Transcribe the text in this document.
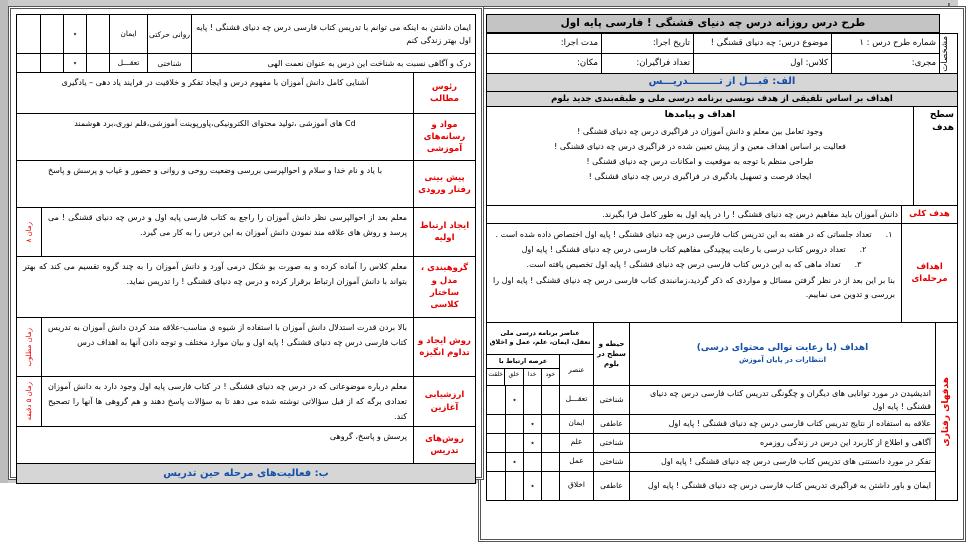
طرح درس روزانه درس چه دنیای قشنگی ! فارسی پایه اول
مشخصات
شماره طرح درس : ۱
موضوع درس: چه دنیای قشنگی !
تاریخ اجرا:
مدت اجرا:
مجری:
کلاس: اول
تعداد فراگیران:
مکان:
الف: قبـــل از تـــــــــدریـــس
اهداف بر اساس تلفیقی از هدف نویسی برنامه درسی ملی و طبقه‌بندی جدید بلوم
سطح هدف
اهداف و پیامدها
وجود تعامل بین معلم و دانش آموزان در فراگیری درس چه دنیای قشنگی !
فعالیت بر اساس اهداف معین و از پیش تعیین شده در فراگیری درس چه دنیای قشنگی !
طراحی منظم با توجه به موقعیت و امکانات درس چه دنیای قشنگی !
ایجاد فرصت و تسهیل یادگیری در فراگیری درس چه دنیای قشنگی !
هدف کلی
دانش آموزان باید مفاهیم درس چه دنیای قشنگی ! را در پایه اول به طور کامل فرا بگیرند.
اهداف مرحله‌ای
۱.تعداد جلساتی که در هفته به این تدریس کتاب فارسی درس چه دنیای قشنگی ! پایه اول اختصاص داده شده است .
۲.تعداد دروس کتاب درسی با رعایت پیچیدگی مفاهیم کتاب فارسی درس چه دنیای قشنگی ! پایه اول
۳.تعداد ماهی که به این درس کتاب فارسی درس چه دنیای قشنگی ! پایه اول تخصیص یافته است.
بنا بر این بعد از در نظر گرفتن مسائل و مواردی که ذکر گردید،زمانبندی کتاب فارسی درس چه دنیای قشنگی ! پایه اول را بررسی و تدوین می نماییم.
هدفهای رفتاری
اهداف (با رعایت توالی محتوای درسی)
انتظارات در پایان آموزش
حیطه و سطح در بلوم
عناصر برنامه درسی ملی
تعقل، ایمان، علم، عمل و اخلاق
عنصر
عرصه ارتباط با
خود
خدا
خلق
خلقت
اندیشیدن در مورد توانایی های دیگران و چگونگی تدریس کتاب فارسی درس چه دنیای قشنگی ! پایه اول
شناختی
تعقـــل
٭
علاقه به استفاده از نتایج تدریس کتاب فارسی درس چه دنیای قشنگی ! پایه اول
عاطفی
ایمان
٭
آگاهی و اطلاع از کاربرد این درس در زندگی روزمره
شناختی
علم
٭
تفکر در مورد دانستنی های تدریس کتاب فارسی درس چه دنیای قشنگی ! پایه اول
شناختی
عمل
٭
ایمان و باور داشتن به فراگیری تدریس کتاب فارسی درس چه دنیای قشنگی ! پایه اول
عاطفی
اخلاق
٭
ایمان داشتن به اینکه می توانم با تدریس کتاب فارسی درس چه دنیای قشنگی ! پایه اول بهتر زندگی کنم
روانی حرکتی
ایمان
٭
درک و آگاهی نسبت به شناخت این درس به عنوان نعمت الهی
شناختی
تعقـــل
٭
رئوس مطالب
آشنایی کامل دانش آموزان با مفهوم درس و ایجاد تفکر و خلاقیت در فرایند یاد دهی – یادگیری
مواد و رسانه‌های آموزشی
Cd های آموزشی ،تولید محتوای الکترونیکی،پاورپوینت آموزشی،قلم نوری،برد هوشمند
پیش بینی رفتار ورودی
با یاد و نام خدا و سلام و احوالپرسی بررسی وضعیت روحی و روانی و حضور و غیاب و پرسش و پاسخ
ایجاد ارتباط اولیه
معلم بعد از احوالپرسی نظر دانش آموزان را راجع به کتاب فارسی پایه اول و درس چه دنیای قشنگی ! می پرسد و روش های علاقه مند نمودن دانش آموزان به این درس را به کار می گیرد.
زمان ۸
گروهبندی ، مدل و ساختار کلاسی
معلم کلاس را آماده کرده و به صورت یو شکل درمی آورد و دانش آموزان را به چند گروه تقسیم می کند که بهتر بتواند با دانش آموزان ارتباط برقرار کرده و درس چه دنیای قشنگی ! را تدریس نماید.
روش ایجاد و تداوم انگیزه
بالا بردن قدرت استدلال دانش آموزان با استفاده از شیوه ی مناسب-علاقه مند کردن دانش آموزان به تدریس کتاب فارسی درس چه دنیای قشنگی ! پایه اول و بیان موارد مختلف و توجه دادن آنها به اهداف درس
زمان مطلوب
ارزشیابی آغازین
معلم درباره موضوعاتی که در درس چه دنیای قشنگی ! در کتاب فارسی پایه اول وجود دارد به دانش آموزان تعدادی برگه که از قبل سؤالاتی نوشته شده می دهد تا به سؤالات پاسخ دهند و هم گروهی ها آنها را تصحیح کند.
زمان ۵ دقیقه
روش‌های تدریس
پرسش و پاسخ، گروهی
ب: فعالیت‌های مرحله حین تدریس
